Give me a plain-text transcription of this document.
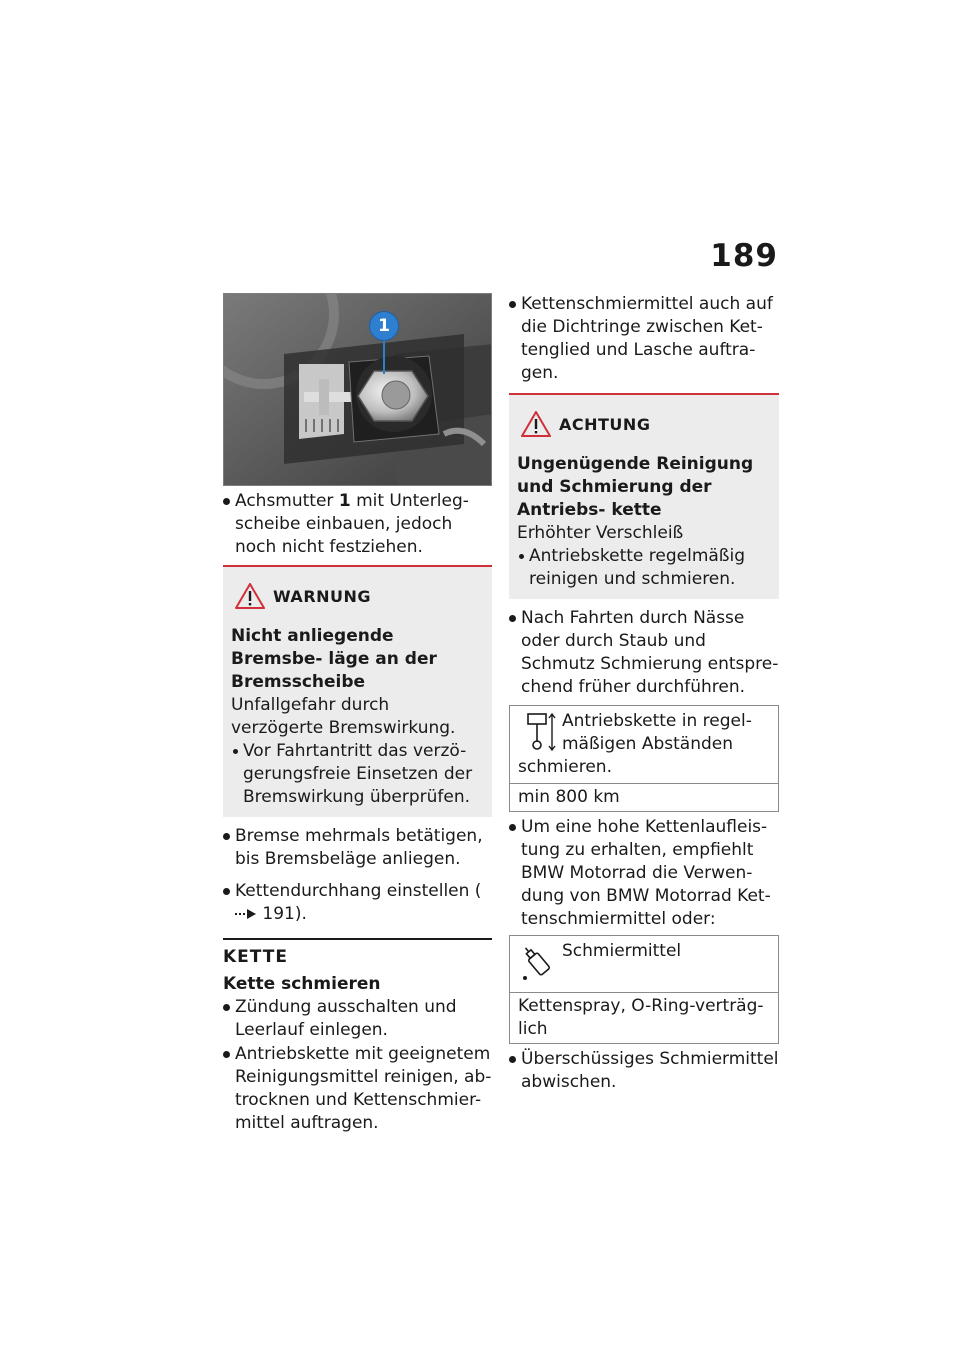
189
1
Achsmutter 1 mit Unterleg- scheibe einbauen, jedoch noch nicht festziehen.
WARNUNG
Nicht anliegende Bremsbe- läge an der Bremsscheibe
Unfallgefahr durch verzögerte Bremswirkung.
Vor Fahrtantritt das verzö- gerungsfreie Einsetzen der Bremswirkung überprüfen.
Bremse mehrmals betätigen, bis Bremsbeläge anliegen.
Kettendurchhang einstellen ( 191).
KETTE
Kette schmieren
Zündung ausschalten und Leerlauf einlegen.
Antriebskette mit geeignetem Reinigungsmittel reinigen, ab- trocknen und Kettenschmier- mittel auftragen.
Kettenschmiermittel auch auf die Dichtringe zwischen Ket- tenglied und Lasche auftra- gen.
ACHTUNG
Ungenügende Reinigung und Schmierung der Antriebs- kette
Erhöhter Verschleiß
Antriebskette regelmäßig reinigen und schmieren.
Nach Fahrten durch Nässe oder durch Staub und Schmutz Schmierung entspre- chend früher durchführen.
Antriebskette in regel- mäßigen Abständen schmieren.
min 800 km
Um eine hohe Kettenlaufleis- tung zu erhalten, empfiehlt BMW Motorrad die Verwen- dung von BMW Motorrad Ket- tenschmiermittel oder:
Schmiermittel
Kettenspray, O-Ring-verträg- lich
Überschüssiges Schmiermittel abwischen.
